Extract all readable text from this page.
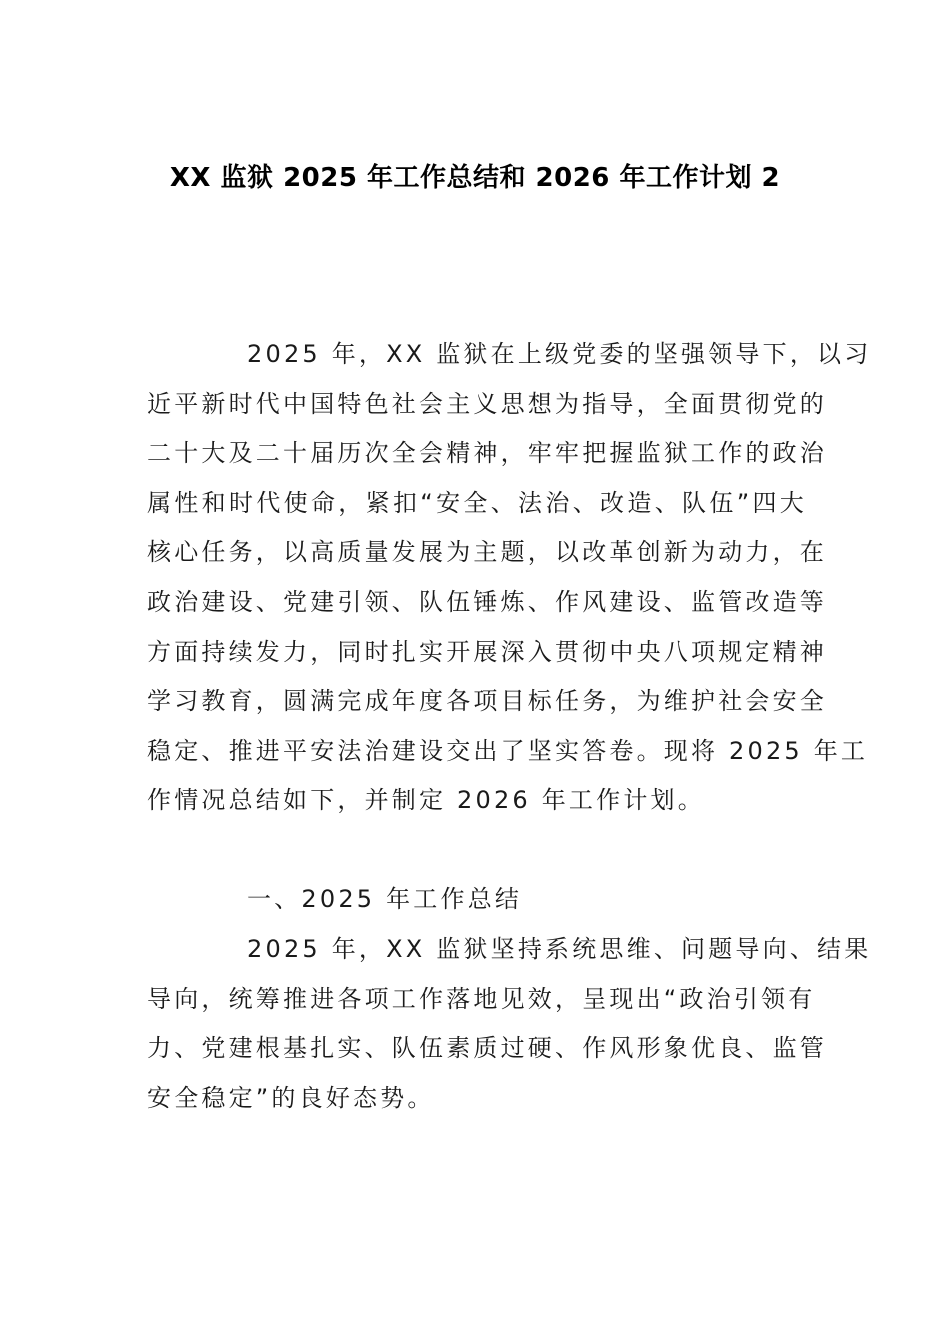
XX 监狱 2025 年工作总结和 2026 年工作计划 2
2025 年，XX 监狱在上级党委的坚强领导下，以习
近平新时代中国特色社会主义思想为指导，全面贯彻党的
二十大及二十届历次全会精神，牢牢把握监狱工作的政治
属性和时代使命，紧扣“安全、法治、改造、队伍”四大
核心任务，以高质量发展为主题，以改革创新为动力，在
政治建设、党建引领、队伍锤炼、作风建设、监管改造等
方面持续发力，同时扎实开展深入贯彻中央八项规定精神
学习教育，圆满完成年度各项目标任务，为维护社会安全
稳定、推进平安法治建设交出了坚实答卷。现将 2025 年工
作情况总结如下，并制定 2026 年工作计划。
一、2025 年工作总结
2025 年，XX 监狱坚持系统思维、问题导向、结果
导向，统筹推进各项工作落地见效，呈现出“政治引领有
力、党建根基扎实、队伍素质过硬、作风形象优良、监管
安全稳定”的良好态势。
